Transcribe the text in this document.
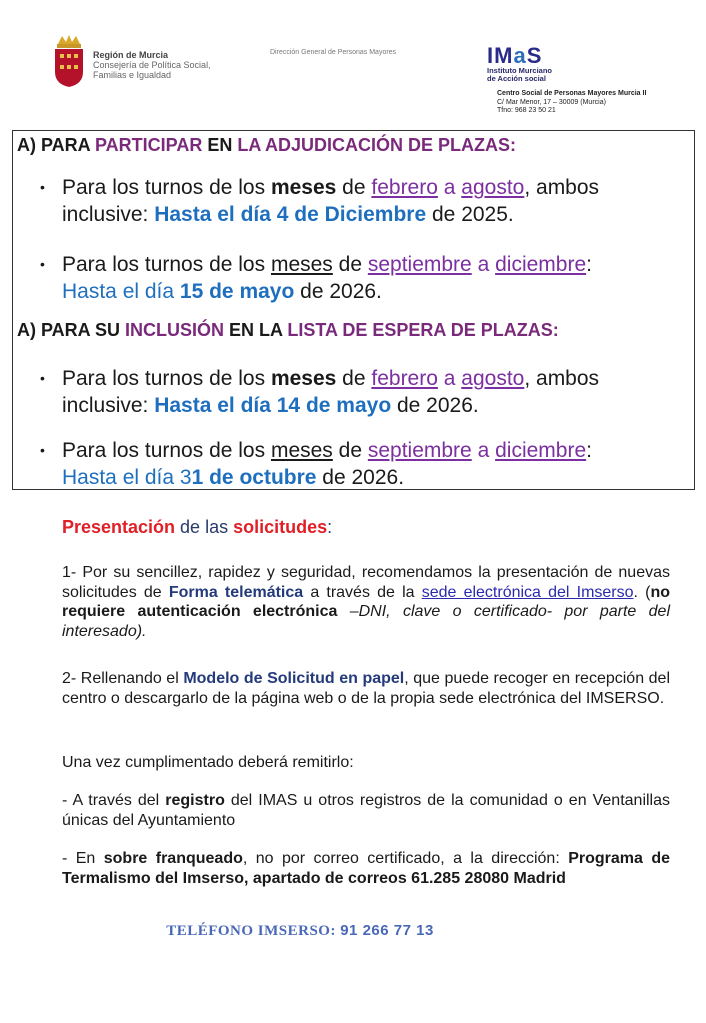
Región de Murcia
Consejería de Política Social,
Familias e Igualdad
Dirección General de Personas Mayores	IMaS
Instituto Murciano
de Acción social
Centro Social de Personas Mayores Murcia II
C/ Mar Menor, 17 – 30009 (Murcia)
Tfno: 968 23 50 21
A) PARA PARTICIPAR EN LA ADJUDICACIÓN DE PLAZAS:
• Para los turnos de los meses de febrero a agosto, ambos inclusive: Hasta el día 4 de Diciembre de 2025.
• Para los turnos de los meses de septiembre a diciembre:
Hasta el día 15 de mayo de 2026.
A) PARA SU INCLUSIÓN EN LA LISTA DE ESPERA DE PLAZAS:
• Para los turnos de los meses de febrero a agosto, ambos inclusive: Hasta el día 14 de mayo de 2026.
• Para los turnos de los meses de septiembre a diciembre:
Hasta el día 31 de octubre de 2026.
Presentación de las solicitudes:
1- Por su sencillez, rapidez y seguridad, recomendamos la presentación de nuevas solicitudes de Forma telemática a través de la sede electrónica del Imserso. (no requiere autenticación electrónica –DNI, clave o certificado- por parte del interesado).
2- Rellenando el Modelo de Solicitud en papel, que puede recoger en recepción del centro o descargarlo de la página web o de la propia sede electrónica del IMSERSO.
Una vez cumplimentado deberá remitirlo:
- A través del registro del IMAS u otros registros de la comunidad o en Ventanillas únicas del Ayuntamiento
- En sobre franqueado, no por correo certificado, a la dirección: Programa de Termalismo del Imserso, apartado de correos 61.285 28080 Madrid
TELÉFONO IMSERSO: 91 266 77 13
